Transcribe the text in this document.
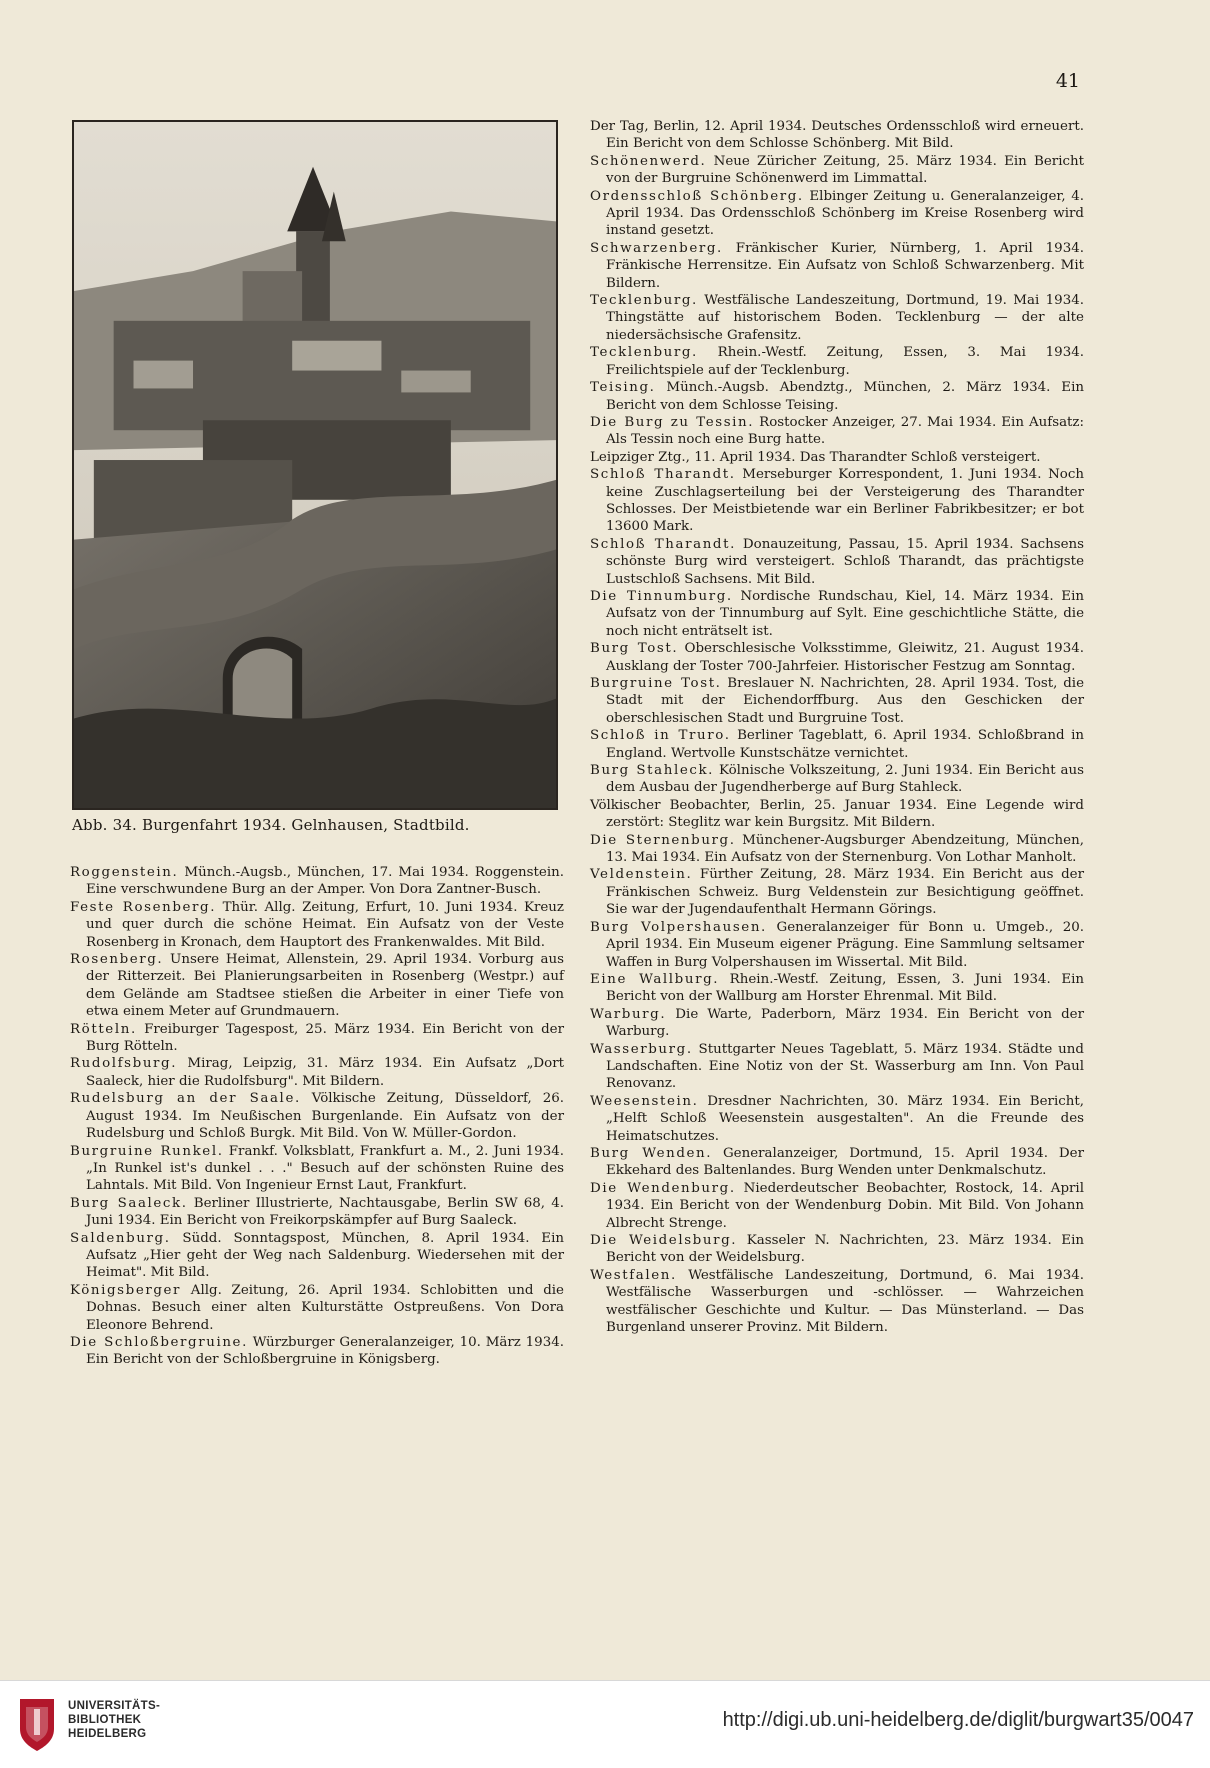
41
Abb. 34. Burgenfahrt 1934. Gelnhausen, Stadtbild.

Roggenstein. Münch.-Augsb., München, 17. Mai 1934. Roggenstein. Eine verschwundene Burg an der Amper. Von Dora Zantner-Busch.

Feste Rosenberg. Thür. Allg. Zeitung, Erfurt, 10. Juni 1934. Kreuz und quer durch die schöne Heimat. Ein Aufsatz von der Veste Rosenberg in Kronach, dem Hauptort des Frankenwaldes. Mit Bild.

Rosenberg. Unsere Heimat, Allenstein, 29. April 1934. Vorburg aus der Ritterzeit. Bei Planierungsarbeiten in Rosenberg (Westpr.) auf dem Gelände am Stadtsee stießen die Arbeiter in einer Tiefe von etwa einem Meter auf Grundmauern.

Rötteln. Freiburger Tagespost, 25. März 1934. Ein Bericht von der Burg Rötteln.

Rudolfsburg. Mirag, Leipzig, 31. März 1934. Ein Aufsatz „Dort Saaleck, hier die Rudolfsburg". Mit Bildern.

Rudelsburg an der Saale. Völkische Zeitung, Düsseldorf, 26. August 1934. Im Neußischen Burgenlande. Ein Aufsatz von der Rudelsburg und Schloß Burgk. Mit Bild. Von W. Müller-Gordon.

Burgruine Runkel. Frankf. Volksblatt, Frankfurt a. M., 2. Juni 1934. „In Runkel ist's dunkel . . ." Besuch auf der schönsten Ruine des Lahntals. Mit Bild. Von Ingenieur Ernst Laut, Frankfurt.

Burg Saaleck. Berliner Illustrierte, Nachtausgabe, Berlin SW 68, 4. Juni 1934. Ein Bericht von Freikorpskämpfer auf Burg Saaleck.

Saldenburg. Südd. Sonntagspost, München, 8. April 1934. Ein Aufsatz „Hier geht der Weg nach Saldenburg. Wiedersehen mit der Heimat". Mit Bild.

Königsberger Allg. Zeitung, 26. April 1934. Schlobitten und die Dohnas. Besuch einer alten Kulturstätte Ostpreußens. Von Dora Eleonore Behrend.

Die Schloßbergruine. Würzburger Generalanzeiger, 10. März 1934. Ein Bericht von der Schloßbergruine in Königsberg.

Der Tag, Berlin, 12. April 1934. Deutsches Ordensschloß wird erneuert. Ein Bericht von dem Schlosse Schönberg. Mit Bild.

Schönenwerd. Neue Züricher Zeitung, 25. März 1934. Ein Bericht von der Burgruine Schönenwerd im Limmattal.

Ordensschloß Schönberg. Elbinger Zeitung u. Generalanzeiger, 4. April 1934. Das Ordensschloß Schönberg im Kreise Rosenberg wird instand gesetzt.

Schwarzenberg. Fränkischer Kurier, Nürnberg, 1. April 1934. Fränkische Herrensitze. Ein Aufsatz von Schloß Schwarzenberg. Mit Bildern.

Tecklenburg. Westfälische Landeszeitung, Dortmund, 19. Mai 1934. Thingstätte auf historischem Boden. Tecklenburg — der alte niedersächsische Grafensitz.

Tecklenburg. Rhein.-Westf. Zeitung, Essen, 3. Mai 1934. Freilichtspiele auf der Tecklenburg.

Teising. Münch.-Augsb. Abendztg., München, 2. März 1934. Ein Bericht von dem Schlosse Teising.

Die Burg zu Tessin. Rostocker Anzeiger, 27. Mai 1934. Ein Aufsatz: Als Tessin noch eine Burg hatte.

Leipziger Ztg., 11. April 1934. Das Tharandter Schloß versteigert.

Schloß Tharandt. Merseburger Korrespondent, 1. Juni 1934. Noch keine Zuschlagserteilung bei der Versteigerung des Tharandter Schlosses. Der Meistbietende war ein Berliner Fabrikbesitzer; er bot 13600 Mark.

Schloß Tharandt. Donauzeitung, Passau, 15. April 1934. Sachsens schönste Burg wird versteigert. Schloß Tharandt, das prächtigste Lustschloß Sachsens. Mit Bild.

Die Tinnumburg. Nordische Rundschau, Kiel, 14. März 1934. Ein Aufsatz von der Tinnumburg auf Sylt. Eine geschichtliche Stätte, die noch nicht enträtselt ist.

Burg Tost. Oberschlesische Volksstimme, Gleiwitz, 21. August 1934. Ausklang der Toster 700-Jahrfeier. Historischer Festzug am Sonntag.

Burgruine Tost. Breslauer N. Nachrichten, 28. April 1934. Tost, die Stadt mit der Eichendorffburg. Aus den Geschicken der oberschlesischen Stadt und Burgruine Tost.

Schloß in Truro. Berliner Tageblatt, 6. April 1934. Schloßbrand in England. Wertvolle Kunstschätze vernichtet.

Burg Stahleck. Kölnische Volkszeitung, 2. Juni 1934. Ein Bericht aus dem Ausbau der Jugendherberge auf Burg Stahleck.

Völkischer Beobachter, Berlin, 25. Januar 1934. Eine Legende wird zerstört: Steglitz war kein Burgsitz. Mit Bildern.

Die Sternenburg. Münchener-Augsburger Abendzeitung, München, 13. Mai 1934. Ein Aufsatz von der Sternenburg. Von Lothar Manholt.

Veldenstein. Fürther Zeitung, 28. März 1934. Ein Bericht aus der Fränkischen Schweiz. Burg Veldenstein zur Besichtigung geöffnet. Sie war der Jugendaufenthalt Hermann Görings.

Burg Volpershausen. Generalanzeiger für Bonn u. Umgeb., 20. April 1934. Ein Museum eigener Prägung. Eine Sammlung seltsamer Waffen in Burg Volpershausen im Wissertal. Mit Bild.

Eine Wallburg. Rhein.-Westf. Zeitung, Essen, 3. Juni 1934. Ein Bericht von der Wallburg am Horster Ehrenmal. Mit Bild.

Warburg. Die Warte, Paderborn, März 1934. Ein Bericht von der Warburg.

Wasserburg. Stuttgarter Neues Tageblatt, 5. März 1934. Städte und Landschaften. Eine Notiz von der St. Wasserburg am Inn. Von Paul Renovanz.

Weesenstein. Dresdner Nachrichten, 30. März 1934. Ein Bericht, „Helft Schloß Weesenstein ausgestalten". An die Freunde des Heimatschutzes.

Burg Wenden. Generalanzeiger, Dortmund, 15. April 1934. Der Ekkehard des Baltenlandes. Burg Wenden unter Denkmalschutz.

Die Wendenburg. Niederdeutscher Beobachter, Rostock, 14. April 1934. Ein Bericht von der Wendenburg Dobin. Mit Bild. Von Johann Albrecht Strenge.

Die Weidelsburg. Kasseler N. Nachrichten, 23. März 1934. Ein Bericht von der Weidelsburg.

Westfalen. Westfälische Landeszeitung, Dortmund, 6. Mai 1934. Westfälische Wasserburgen und -schlösser. — Wahrzeichen westfälischer Geschichte und Kultur. — Das Münsterland. — Das Burgenland unserer Provinz. Mit Bildern.

UNIVERSITÄTS-
BIBLIOTHEK
HEIDELBERG
http://digi.ub.uni-heidelberg.de/diglit/burgwart35/0047
